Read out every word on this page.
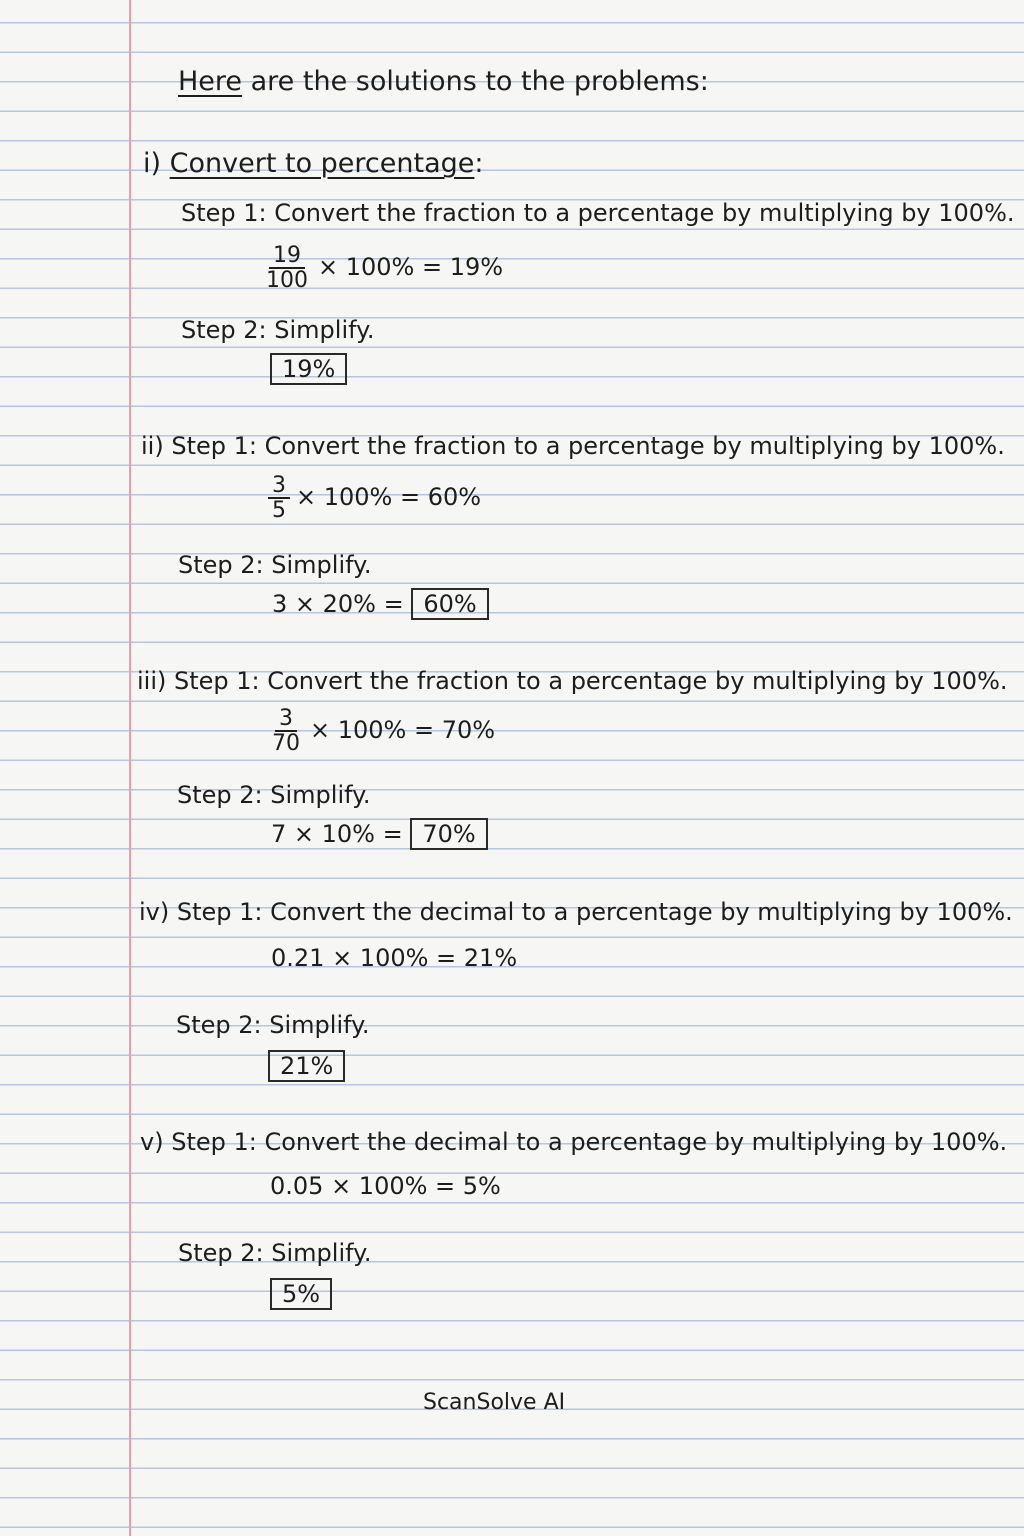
Here are the solutions to the problems:
i) Convert to percentage:
Step 1: Convert the fraction to a percentage by multiplying by 100%.
$\frac{19}{100} \times 100\% = 19\%$
Step 2: Simplify.
19%
ii) Step 1: Convert the fraction to a percentage by multiplying by 100%.
$\frac{3}{5} \times 100\% = 60\%$
Step 2: Simplify.
3 × 20% = 60%
iii) Step 1: Convert the fraction to a percentage by multiplying by 100%.
$\frac{3}{70} \times 100\% = 70\%$
Step 2: Simplify.
7 × 10% = 70%
iv) Step 1: Convert the decimal to a percentage by multiplying by 100%.
0.21 × 100% = 21%
Step 2: Simplify.
21%
v) Step 1: Convert the decimal to a percentage by multiplying by 100%.
0.05 × 100% = 5%
Step 2: Simplify.
5%
ScanSolve AI
